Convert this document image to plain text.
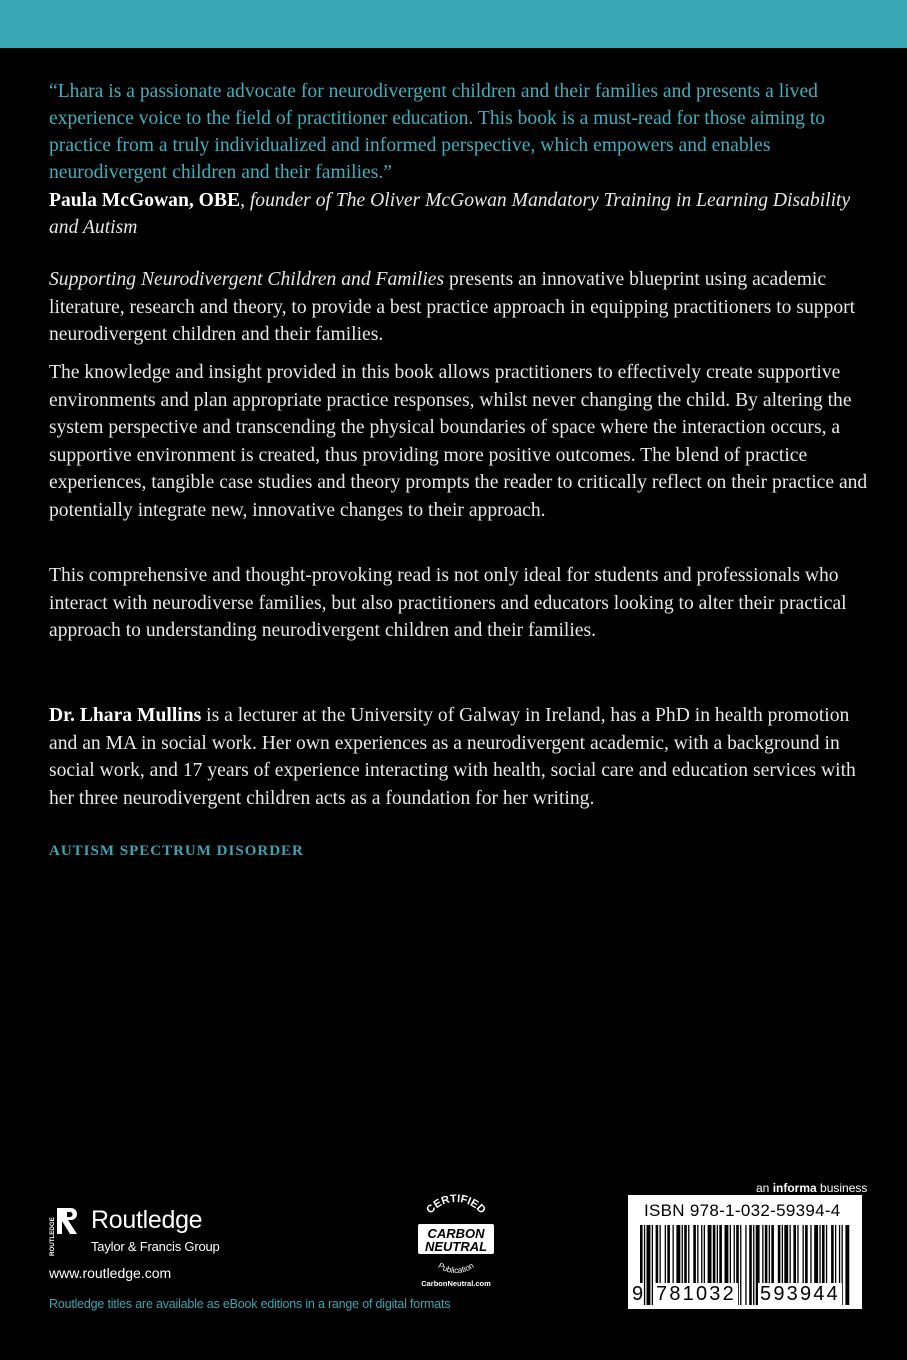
“Lhara is a passionate advocate for neurodivergent children and their families and presents a lived experience voice to the field of practitioner education. This book is a must-read for those aiming to practice from a truly individualized and informed perspective, which empowers and enables neurodivergent children and their families.”
Paula McGowan, OBE, founder of The Oliver McGowan Mandatory Training in Learning Disability and Autism
Supporting Neurodivergent Children and Families presents an innovative blueprint using academic literature, research and theory, to provide a best practice approach in equipping practitioners to support neurodivergent children and their families.
The knowledge and insight provided in this book allows practitioners to effectively create supportive environments and plan appropriate practice responses, whilst never changing the child. By altering the system perspective and transcending the physical boundaries of space where the interaction occurs, a supportive environment is created, thus providing more positive outcomes. The blend of practice experiences, tangible case studies and theory prompts the reader to critically reflect on their practice and potentially integrate new, innovative changes to their approach.
This comprehensive and thought-provoking read is not only ideal for students and professionals who interact with neurodiverse families, but also practitioners and educators looking to alter their practical approach to understanding neurodivergent children and their families.
Dr. Lhara Mullins is a lecturer at the University of Galway in Ireland, has a PhD in health promotion and an MA in social work. Her own experiences as a neurodivergent academic, with a background in social work, and 17 years of experience interacting with health, social care and education services with her three neurodivergent children acts as a foundation for her writing.
AUTISM SPECTRUM DISORDER
ROUTLEDGE Routledge
Taylor & Francis Group
www.routledge.com
Routledge titles are available as eBook editions in a range of digital formats
CERTIFIED
CARBON
NEUTRAL
Publication
CarbonNeutral.com
an informa business
ISBN 978-1-032-59394-4
9 781032 593944
